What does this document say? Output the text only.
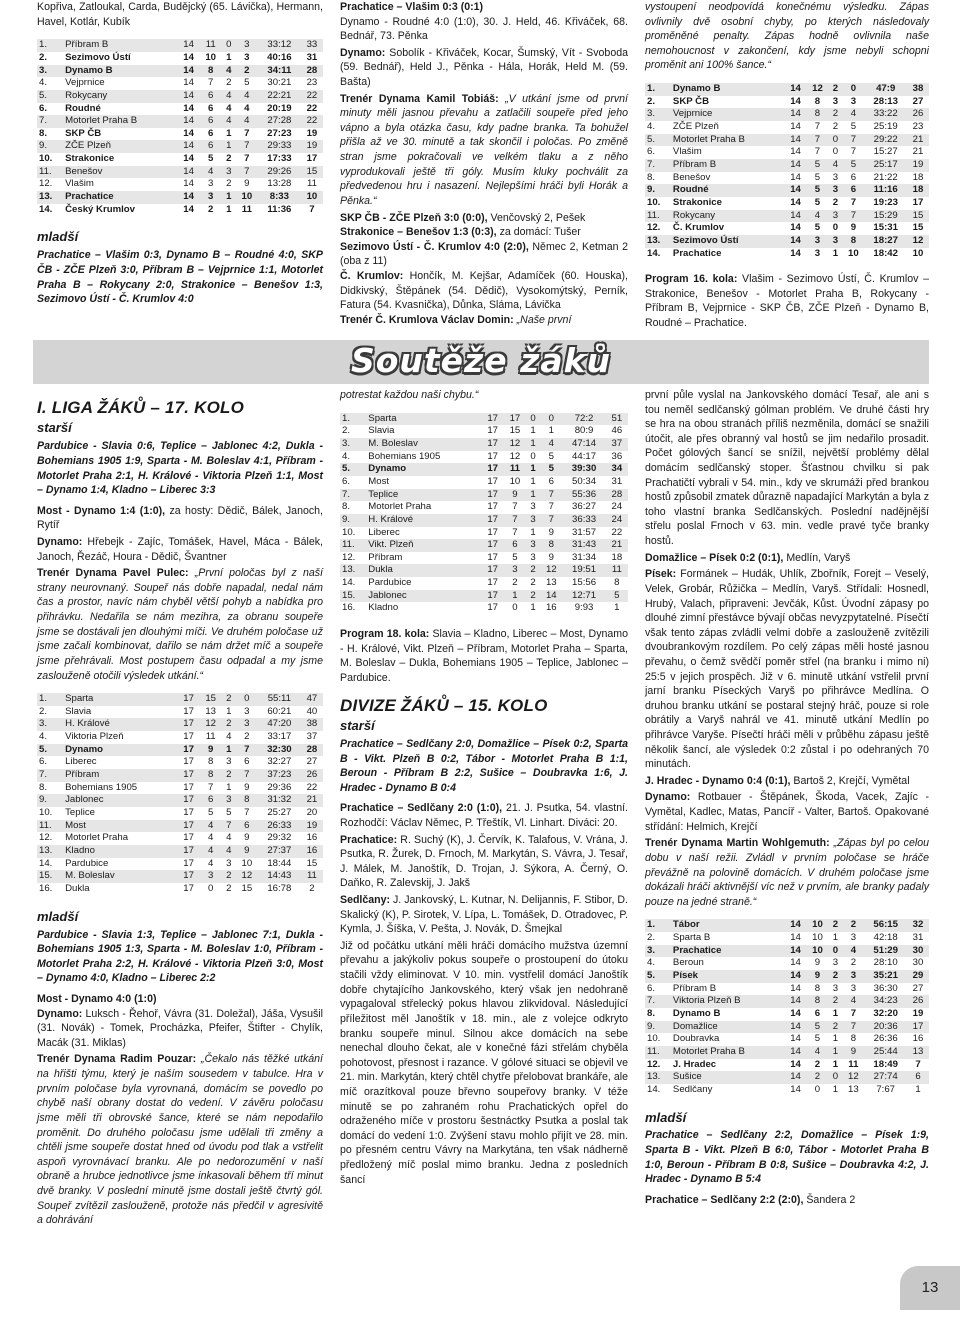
Kopřiva, Zatloukal, Carda, Budějcký (65. Lávička), Hermann, Havel, Kotlár, Kubík

1.	Příbram B	14	11	0	3	33:12	33
2.	Sezimovo Ústí	14	10	1	3	40:16	31
3.	Dynamo B	14	8	4	2	34:11	28
4.	Vejprnice	14	7	2	5	30:21	23
5.	Rokycany	14	6	4	4	22:21	22
6.	Roudné	14	6	4	4	20:19	22
7.	Motorlet Praha B	14	6	4	4	27:28	22
8.	SKP ČB	14	6	1	7	27:23	19
9.	ZČE Plzeň	14	6	1	7	29:33	19
10.	Strakonice	14	5	2	7	17:33	17
11.	Benešov	14	4	3	7	29:26	15
12.	Vlašim	14	3	2	9	13:28	11
13.	Prachatice	14	3	1	10	8:33	10
14.	Český Krumlov	14	2	1	11	11:36	7
mladší

Prachatice – Vlašim 0:3, Dynamo B – Roudné 4:0, SKP ČB - ZČE Plzeň 3:0, Příbram B – Vejprnice 1:1, Motorlet Praha B – Rokycany 2:0, Strakonice – Benešov 1:3, Sezimovo Ústí - Č. Krumlov 4:0

Prachatice – Vlašim 0:3 (0:1)

Dynamo - Roudné 4:0 (1:0), 30. J. Held, 46. Křiváček, 68. Bednář, 73. Pěnka

Dynamo: Sobolík - Křiváček, Kocar, Šumský, Vít - Svoboda (59. Bednář), Held J., Pěnka - Hála, Horák, Held M. (59. Bašta)

Trenér Dynama Kamil Tobiáš: „V utkání jsme od první minuty měli jasnou převahu a zatlačili soupeře před jeho vápno a byla otázka času, kdy padne branka. Ta bohužel přišla až ve 30. minutě a tak skončil i poločas. Po změně stran jsme pokračovali ve velkém tlaku a z něho vyprodukovali ještě tři góly. Musím kluky pochválit za předvedenou hru i nasazení. Nejlepšími hráči byli Horák a Pěnka.“

SKP ČB - ZČE Plzeň 3:0 (0:0), Venčovský 2, Pešek

Strakonice – Benešov 1:3 (0:3), za domácí: Tušer

Sezimovo Ústí - Č. Krumlov 4:0 (2:0), Němec 2, Ketman 2 (oba z 11)

Č. Krumlov: Hončík, M. Kejšar, Adamíček (60. Houska), Didkivský, Štěpánek (54. Dědič), Vysokomýtský, Perník, Fatura (54. Kvasnička), Důnka, Sláma, Lávička

Trenér Č. Krumlova Václav Domin: „Naše první

vystoupení neodpovídá konečnému výsledku. Zápas ovlivnily dvě osobní chyby, po kterých následovaly proměněné penalty. Zápas hodně ovlivnila naše nemohoucnost v zakončení, kdy jsme nebyli schopni proměnit ani 100% šance.“

1.	Dynamo B	14	12	2	0	47:9	38
2.	SKP ČB	14	8	3	3	28:13	27
3.	Vejprnice	14	8	2	4	33:22	26
4.	ZČE Plzeň	14	7	2	5	25:19	23
5.	Motorlet Praha B	14	7	0	7	29:22	21
6.	Vlašim	14	7	0	7	15:27	21
7.	Příbram B	14	5	4	5	25:17	19
8.	Benešov	14	5	3	6	21:22	18
9.	Roudné	14	5	3	6	11:16	18
10.	Strakonice	14	5	2	7	19:23	17
11.	Rokycany	14	4	3	7	15:29	15
12.	Č. Krumlov	14	5	0	9	15:31	15
13.	Sezimovo Ústí	14	3	3	8	18:27	12
14.	Prachatice	14	3	1	10	18:42	10

Program 16. kola: Vlašim - Sezimovo Ústí, Č. Krumlov – Strakonice, Benešov - Motorlet Praha B, Rokycany - Příbram B, Vejprnice - SKP ČB, ZČE Plzeň - Dynamo B, Roudné – Prachatice.

Soutěže žáků
I. LIGA ŽÁKŮ – 17. KOLO
starší

Pardubice - Slavia 0:6, Teplice – Jablonec 4:2, Dukla - Bohemians 1905 1:9, Sparta - M. Boleslav 4:1, Příbram - Motorlet Praha 2:1, H. Králové - Viktoria Plzeň 1:1, Most – Dynamo 1:4, Kladno – Liberec 3:3

Most - Dynamo 1:4 (1:0), za hosty: Dědič, Bálek, Janoch, Rytíř

Dynamo: Hřebejk - Zajíc, Tomášek, Havel, Máca - Bálek, Janoch, Řezáč, Houra - Dědič, Švantner

Trenér Dynama Pavel Pulec: „První poločas byl z naší strany neurovnaný. Soupeř nás dobře napadal, nedal nám čas a prostor, navíc nám chyběl větší pohyb a nabídka pro přihrávku. Nedařila se nám mezihra, za obranu soupeře jsme se dostávali jen dlouhými míči. Ve druhém poločase už jsme začali kombinovat, dařilo se nám držet míč a soupeře jsme přehrávali. Most postupem času odpadal a my jsme zaslouženě otočili výsledek utkání.“

1.	Sparta	17	15	2	0	55:11	47
2.	Slavia	17	13	1	3	60:21	40
3.	H. Králové	17	12	2	3	47:20	38
4.	Viktoria Plzeň	17	11	4	2	33:17	37
5.	Dynamo	17	9	1	7	32:30	28
6.	Liberec	17	8	3	6	32:27	27
7.	Příbram	17	8	2	7	37:23	26
8.	Bohemians 1905	17	7	1	9	29:36	22
9.	Jablonec	17	6	3	8	31:32	21
10.	Teplice	17	5	5	7	25:27	20
11.	Most	17	4	7	6	26:33	19
12.	Motorlet Praha	17	4	4	9	29:32	16
13.	Kladno	17	4	4	9	27:37	16
14.	Pardubice	17	4	3	10	18:44	15
15.	M. Boleslav	17	3	2	12	14:43	11
16.	Dukla	17	0	2	15	16:78	2
mladší

Pardubice - Slavia 1:3, Teplice – Jablonec 7:1, Dukla - Bohemians 1905 1:3, Sparta - M. Boleslav 1:0, Příbram - Motorlet Praha 2:2, H. Králové - Viktoria Plzeň 3:0, Most – Dynamo 4:0, Kladno – Liberec 2:2

Most - Dynamo 4:0 (1:0)

Dynamo: Luksch - Řehoř, Vávra (31. Doležal), Jáša, Vysušil (31. Novák) - Tomek, Procházka, Pfeifer, Štifter - Chylík, Macák (31. Miklas)

Trenér Dynama Radim Pouzar: „Čekalo nás těžké utkání na hřišti týmu, který je naším sousedem v tabulce. Hra v prvním poločase byla vyrovnaná, domácím se povedlo po chybě naší obrany dostat do vedení. V závěru poločasu jsme měli tři obrovské šance, které se nám nepodařilo proměnit. Do druhého poločasu jsme udělali tři změny a chtěli jsme soupeře dostat hned od úvodu pod tlak a vstřelit aspoň vyrovnávací branku. Ale po nedorozumění v naší obraně a hrubce jednotlivce jsme inkasovali během tří minut dvě branky. V poslední minutě jsme dostali ještě čtvrtý gól. Soupeř zvítězil zaslouženě, protože nás předčil v agresivitě a dohrávání

potrestat každou naši chybu.“

1.	Sparta	17	17	0	0	72:2	51
2.	Slavia	17	15	1	1	80:9	46
3.	M. Boleslav	17	12	1	4	47:14	37
4.	Bohemians 1905	17	12	0	5	44:17	36
5.	Dynamo	17	11	1	5	39:30	34
6.	Most	17	10	1	6	50:34	31
7.	Teplice	17	9	1	7	55:36	28
8.	Motorlet Praha	17	7	3	7	36:27	24
9.	H. Králové	17	7	3	7	36:33	24
10.	Liberec	17	7	1	9	31:57	22
11.	Vikt. Plzeň	17	6	3	8	31:43	21
12.	Příbram	17	5	3	9	31:34	18
13.	Dukla	17	3	2	12	19:51	11
14.	Pardubice	17	2	2	13	15:56	8
15.	Jablonec	17	1	2	14	12:71	5
16.	Kladno	17	0	1	16	9:93	1

Program 18. kola: Slavia – Kladno, Liberec – Most, Dynamo - H. Králové, Vikt. Plzeň – Příbram, Motorlet Praha – Sparta, M. Boleslav – Dukla, Bohemians 1905 – Teplice, Jablonec – Pardubice.

DIVIZE ŽÁKŮ – 15. KOLO
starší

Prachatice – Sedlčany 2:0, Domažlice – Písek 0:2, Sparta B - Vikt. Plzeň B 0:2, Tábor - Motorlet Praha B 1:1, Beroun - Příbram B 2:2, Sušice – Doubravka 1:6, J. Hradec - Dynamo B 0:4

Prachatice – Sedlčany 2:0 (1:0), 21. J. Psutka, 54. vlastní. Rozhodčí: Václav Němec, P. Třeštík, Vl. Linhart. Diváci: 20.

Prachatice: R. Suchý (K), J. Červík, K. Talafous, V. Vrána, J. Psutka, R. Žurek, D. Frnoch, M. Markytán, S. Vávra, J. Tesař, J. Málek, M. Janoštík, D. Trojan, J. Sýkora, A. Černý, O. Daňko, R. Zalevskij, J. Jakš

Sedlčany: J. Jankovský, L. Kutnar, N. Delijannis, F. Stibor, D. Skalický (K), P. Sirotek, V. Lípa, L. Tomášek, D. Otradovec, P. Kymla, J. Šíška, V. Pešta, J. Novák, D. Šmejkal

Již od počátku utkání měli hráči domácího mužstva územní převahu a jakýkoliv pokus soupeře o prostoupení do útoku stačili vždy eliminovat. V 10. min. vystřelil domácí Janoštík dobře chytajícího Jankovského, který však jen nedohraně vypagaloval střelecký pokus hlavou zlikvidoval. Následující příležitost měl Janoštík v 18. min., ale z volejce odkryto branku soupeře minul. Silnou akce domácích na sebe nenechal dlouho čekat, ale v konečné fázi střelám chyběla pohotovost, přesnost i razance. V gólové situaci se objevil ve 21. min. Markytán, který chtěl chytře přelobovat brankáře, ale míč orazítkoval pouze břevno soupeřovy branky. V téže minutě se po zahraném rohu Prachatických opřel do odraženého míče v prostoru šestnáctky Psutka a poslal tak domácí do vedení 1:0. Zvýšení stavu mohlo přijít ve 28. min. po přesném centru Vávry na Markytána, ten však nádherně předložený míč poslal mimo branku. Jedna z posledních šancí

první půle vyslal na Jankovského domácí Tesař, ale ani s tou neměl sedlčanský gólman problém. Ve druhé části hry se hra na obou stranách příliš nezměnila, domácí se snažili útočit, ale přes obranný val hostů se jim nedařilo prosadit. Počet gólových šancí se snížil, největší problémy dělal domácím sedlčanský stoper. Šťastnou chvilku si pak Prachatičtí vybrali v 54. min., kdy ve skrumáži před brankou hostů způsobil zmatek důrazně napadající Markytán a byla z toho vlastní branka Sedlčanských. Poslední nadějnější střelu poslal Frnoch v 63. min. vedle pravé tyče branky hostů.

Domažlice – Písek 0:2 (0:1), Medlín, Varyš

Písek: Formánek – Hudák, Uhlík, Zbořník, Forejt – Veselý, Velek, Grobár, Růžička – Medlín, Varyš. Střídali: Hosnedl, Hrubý, Valach, připraveni: Jevčák, Kůst. Úvodní zápasy po dlouhé zimní přestávce bývají občas nevyzpytatelné. Písečtí však tento zápas zvládli velmi dobře a zaslouženě zvítězili dvoubrankovým rozdílem. Po celý zápas měli hosté jasnou převahu, o čemž svědčí poměr střel (na branku i mimo ni) 25:5 v jejich prospěch. Již v 6. minutě utkání vstřelil první jarní branku Píseckých Varyš po přihrávce Medlína. O druhou branku utkání se postaral stejný hráč, pouze si role obrátily a Varyš nahrál ve 41. minutě utkání Medlín po přihrávce Varyše. Písečtí hráči měli v průběhu zápasu ještě několik šancí, ale výsledek 0:2 zůstal i po odehraných 70 minutách.

J. Hradec - Dynamo 0:4 (0:1), Bartoš 2, Krejčí, Vymětal

Dynamo: Rotbauer - Štěpánek, Škoda, Vacek, Zajíc - Vymětal, Kadlec, Matas, Pancíř - Valter, Bartoš. Opakované střídání: Helmich, Krejčí

Trenér Dynama Martin Wohlgemuth: „Zápas byl po celou dobu v naší režii. Zvládl v prvním poločase se hráče převážně na polovině domácích. V druhém poločase jsme dokázali hráči aktivnější víc než v prvním, ale branky padaly pouze na jedné straně.“

1.	Tábor	14	10	2	2	56:15	32
2.	Sparta B	14	10	1	3	42:18	31
3.	Prachatice	14	10	0	4	51:29	30
4.	Beroun	14	9	3	2	28:10	30
5.	Písek	14	9	2	3	35:21	29
6.	Příbram B	14	8	3	3	36:30	27
7.	Viktoria Plzeň B	14	8	2	4	34:23	26
8.	Dynamo B	14	6	1	7	32:20	19
9.	Domažlice	14	5	2	7	20:36	17
10.	Doubravka	14	5	1	8	26:36	16
11.	Motorlet Praha B	14	4	1	9	25:44	13
12.	J. Hradec	14	2	1	11	18:49	7
13.	Sušice	14	2	0	12	27:74	6
14.	Sedlčany	14	0	1	13	7:67	1
mladší

Prachatice – Sedlčany 2:2, Domažlice – Písek 1:9, Sparta B - Vikt. Plzeň B 6:0, Tábor - Motorlet Praha B 1:0, Beroun - Příbram B 0:8, Sušice – Doubravka 4:2, J. Hradec - Dynamo B 5:4

Prachatice – Sedlčany 2:2 (2:0), Šandera 2

13
